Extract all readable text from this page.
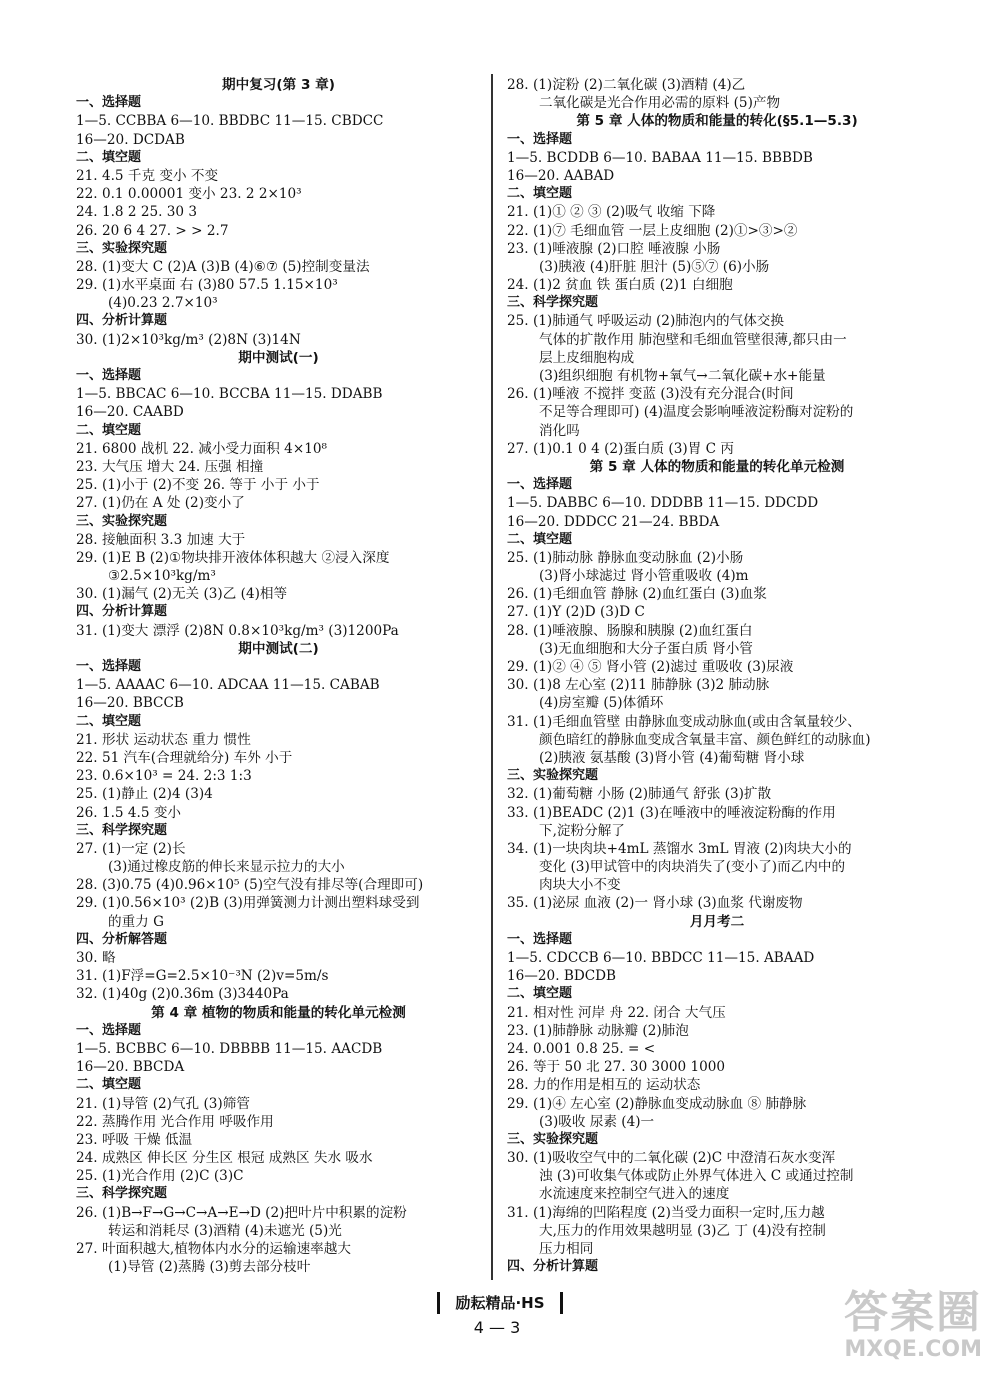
期中复习(第 3 章)
一、选择题
1—5. CCBBA 6—10. BBDBC 11—15. CBDCC
16—20. DCDAB
二、填空题
21. 4.5 千克 变小 不变
22. 0.1 0.00001 变小 23. 2 2×10³
24. 1.8 2 25. 30 3
26. 20 6 4 27. > > 2.7
三、实验探究题
28. (1)变大 C (2)A (3)B (4)⑥⑦ (5)控制变量法
29. (1)水平桌面 右 (3)80 57.5 1.15×10³
(4)0.23 2.7×10³
四、分析计算题
30. (1)2×10³kg/m³ (2)8N (3)14N
期中测试(一)
一、选择题
1—5. BBCAC 6—10. BCCBA 11—15. DDABB
16—20. CAABD
二、填空题
21. 6800 战机 22. 减小受力面积 4×10⁸
23. 大气压 增大 24. 压强 相撞
25. (1)小于 (2)不变 26. 等于 小于 小于
27. (1)仍在 A 处 (2)变小了
三、实验探究题
28. 接触面积 3.3 加速 大于
29. (1)E B (2)①物块排开液体体积越大 ②浸入深度
③2.5×10³kg/m³
30. (1)漏气 (2)无关 (3)乙 (4)相等
四、分析计算题
31. (1)变大 漂浮 (2)8N 0.8×10³kg/m³ (3)1200Pa
期中测试(二)
一、选择题
1—5. AAAAC 6—10. ADCAA 11—15. CABAB
16—20. BBCCB
二、填空题
21. 形状 运动状态 重力 惯性
22. 51 汽车(合理就给分) 车外 小于
23. 0.6×10³ = 24. 2:3 1:3
25. (1)静止 (2)4 (3)4
26. 1.5 4.5 变小
三、科学探究题
27. (1)一定 (2)长
(3)通过橡皮筋的伸长来显示拉力的大小
28. (3)0.75 (4)0.96×10⁵ (5)空气没有排尽等(合理即可)
29. (1)0.56×10³ (2)B (3)用弹簧测力计测出塑料球受到
的重力 G
四、分析解答题
30. 略
31. (1)F浮=G=2.5×10⁻³N (2)v=5m/s
32. (1)40g (2)0.36m (3)3440Pa
第 4 章 植物的物质和能量的转化单元检测
一、选择题
1—5. BCBBC 6—10. DBBBB 11—15. AACDB
16—20. BBCDA
二、填空题
21. (1)导管 (2)气孔 (3)筛管
22. 蒸腾作用 光合作用 呼吸作用
23. 呼吸 干燥 低温
24. 成熟区 伸长区 分生区 根冠 成熟区 失水 吸水
25. (1)光合作用 (2)C (3)C
三、科学探究题
26. (1)B→F→G→C→A→E→D (2)把叶片中积累的淀粉
转运和消耗尽 (3)酒精 (4)未遮光 (5)光
27. 叶面积越大,植物体内水分的运输速率越大
(1)导管 (2)蒸腾 (3)剪去部分枝叶
28. (1)淀粉 (2)二氧化碳 (3)酒精 (4)乙
二氧化碳是光合作用必需的原料 (5)产物
第 5 章 人体的物质和能量的转化(§5.1—5.3)
一、选择题
1—5. BCDDB 6—10. BABAA 11—15. BBBDB
16—20. AABAD
二、填空题
21. (1)① ② ③ (2)吸气 收缩 下降
22. (1)⑦ 毛细血管 一层上皮细胞 (2)①>③>②
23. (1)唾液腺 (2)口腔 唾液腺 小肠
(3)胰液 (4)肝脏 胆汁 (5)⑤⑦ (6)小肠
24. (1)2 贫血 铁 蛋白质 (2)1 白细胞
三、科学探究题
25. (1)肺通气 呼吸运动 (2)肺泡内的气体交换
气体的扩散作用 肺泡壁和毛细血管壁很薄,都只由一
层上皮细胞构成
(3)组织细胞 有机物+氧气→二氧化碳+水+能量
26. (1)唾液 不搅拌 变蓝 (3)没有充分混合(时间
不足等合理即可) (4)温度会影响唾液淀粉酶对淀粉的
消化吗
27. (1)0.1 0 4 (2)蛋白质 (3)胃 C 丙
第 5 章 人体的物质和能量的转化单元检测
一、选择题
1—5. DABBC 6—10. DDDBB 11—15. DDCDD
16—20. DDDCC 21—24. BBDA
二、填空题
25. (1)肺动脉 静脉血变动脉血 (2)小肠
(3)肾小球滤过 肾小管重吸收 (4)m
26. (1)毛细血管 静脉 (2)血红蛋白 (3)血浆
27. (1)Y (2)D (3)D C
28. (1)唾液腺、肠腺和胰腺 (2)血红蛋白
(3)无血细胞和大分子蛋白质 肾小管
29. (1)② ④ ⑤ 肾小管 (2)滤过 重吸收 (3)尿液
30. (1)8 左心室 (2)11 肺静脉 (3)2 肺动脉
(4)房室瓣 (5)体循环
31. (1)毛细血管壁 由静脉血变成动脉血(或由含氧量较少、
颜色暗红的静脉血变成含氧量丰富、颜色鲜红的动脉血)
(2)胰液 氨基酸 (3)肾小管 (4)葡萄糖 肾小球
三、实验探究题
32. (1)葡萄糖 小肠 (2)肺通气 舒张 (3)扩散
33. (1)BEADC (2)1 (3)在唾液中的唾液淀粉酶的作用
下,淀粉分解了
34. (1)一块肉块+4mL 蒸馏水 3mL 胃液 (2)肉块大小的
变化 (3)甲试管中的肉块消失了(变小了)而乙内中的
肉块大小不变
35. (1)泌尿 血液 (2)一 肾小球 (3)血浆 代谢废物
月月考二
一、选择题
1—5. CDCCB 6—10. BBDCC 11—15. ABAAD
16—20. BDCDB
二、填空题
21. 相对性 河岸 舟 22. 闭合 大气压
23. (1)肺静脉 动脉瓣 (2)肺泡
24. 0.001 0.8 25. = <
26. 等于 50 北 27. 30 3000 1000
28. 力的作用是相互的 运动状态
29. (1)④ 左心室 (2)静脉血变成动脉血 ⑧ 肺静脉
(3)吸收 尿素 (4)一
三、实验探究题
30. (1)吸收空气中的二氧化碳 (2)C 中澄清石灰水变浑
浊 (3)可收集气体或防止外界气体进入 C 或通过控制
水流速度来控制空气进入的速度
31. (1)海绵的凹陷程度 (2)当受力面积一定时,压力越
大,压力的作用效果越明显 (3)乙 丁 (4)没有控制
压力相同
四、分析计算题
励耘精品·HS
4 — 3	答案圈
MXQE.COM
